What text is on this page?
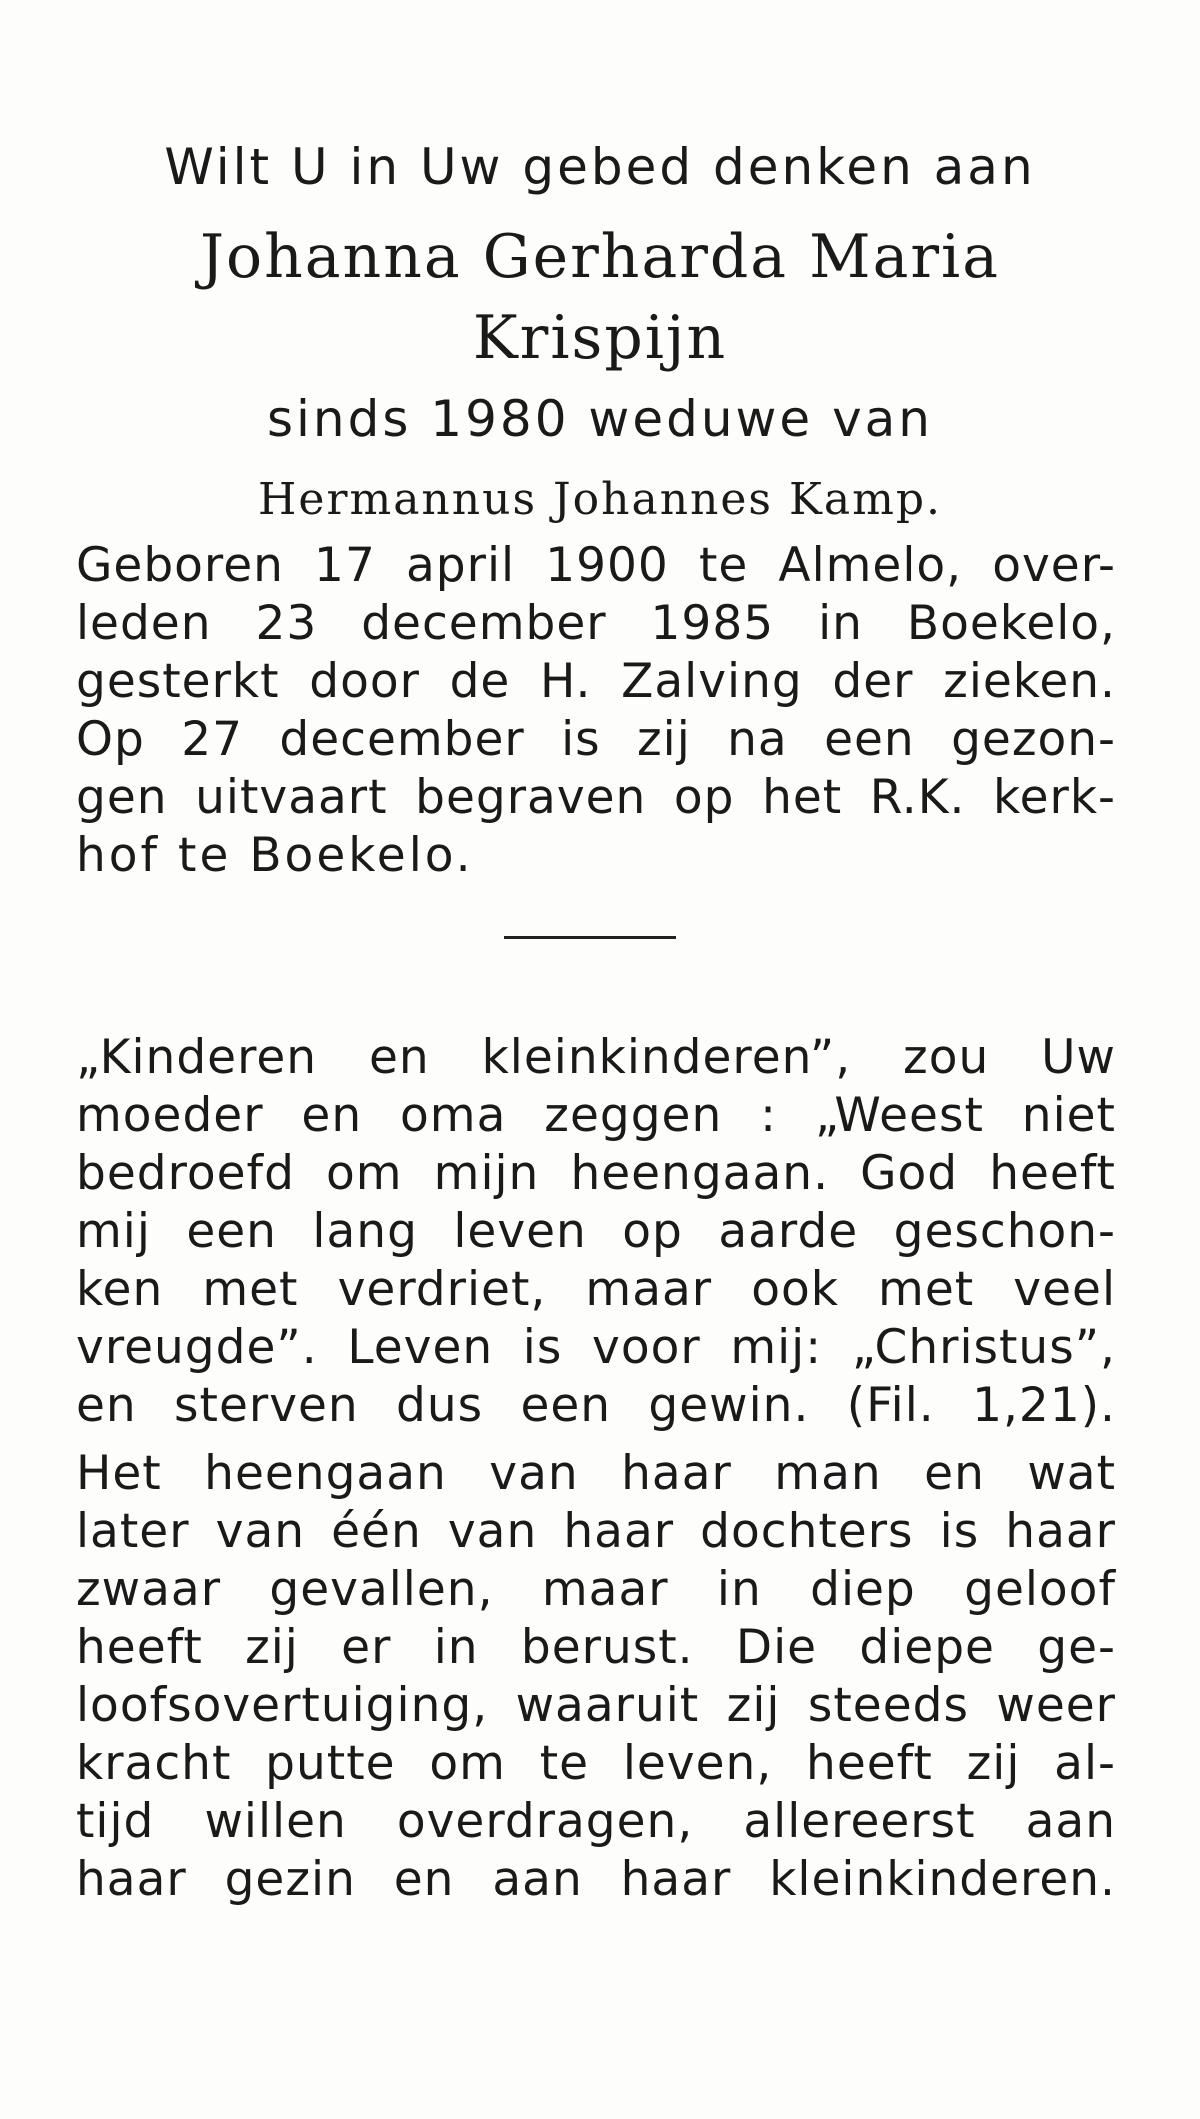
Wilt U in Uw gebed denken aan

Johanna Gerharda Maria

Krispijn

sinds 1980 weduwe van

Hermannus Johannes Kamp.

Geboren 17 april 1900 te Almelo, over-

leden 23 december 1985 in Boekelo,

gesterkt door de H. Zalving der zieken.

Op 27 december is zij na een gezon-

gen uitvaart begraven op het R.K. kerk-

hof te Boekelo.

„Kinderen en kleinkinderen”, zou Uw

moeder en oma zeggen : „Weest niet

bedroefd om mijn heengaan. God heeft

mij een lang leven op aarde geschon-

ken met verdriet, maar ook met veel

vreugde”. Leven is voor mij: „Christus”,

en sterven dus een gewin. (Fil. 1,21).

Het heengaan van haar man en wat

later van één van haar dochters is haar

zwaar gevallen, maar in diep geloof

heeft zij er in berust. Die diepe ge-

loofsovertuiging, waaruit zij steeds weer

kracht putte om te leven, heeft zij al-

tijd willen overdragen, allereerst aan

haar gezin en aan haar kleinkinderen.
